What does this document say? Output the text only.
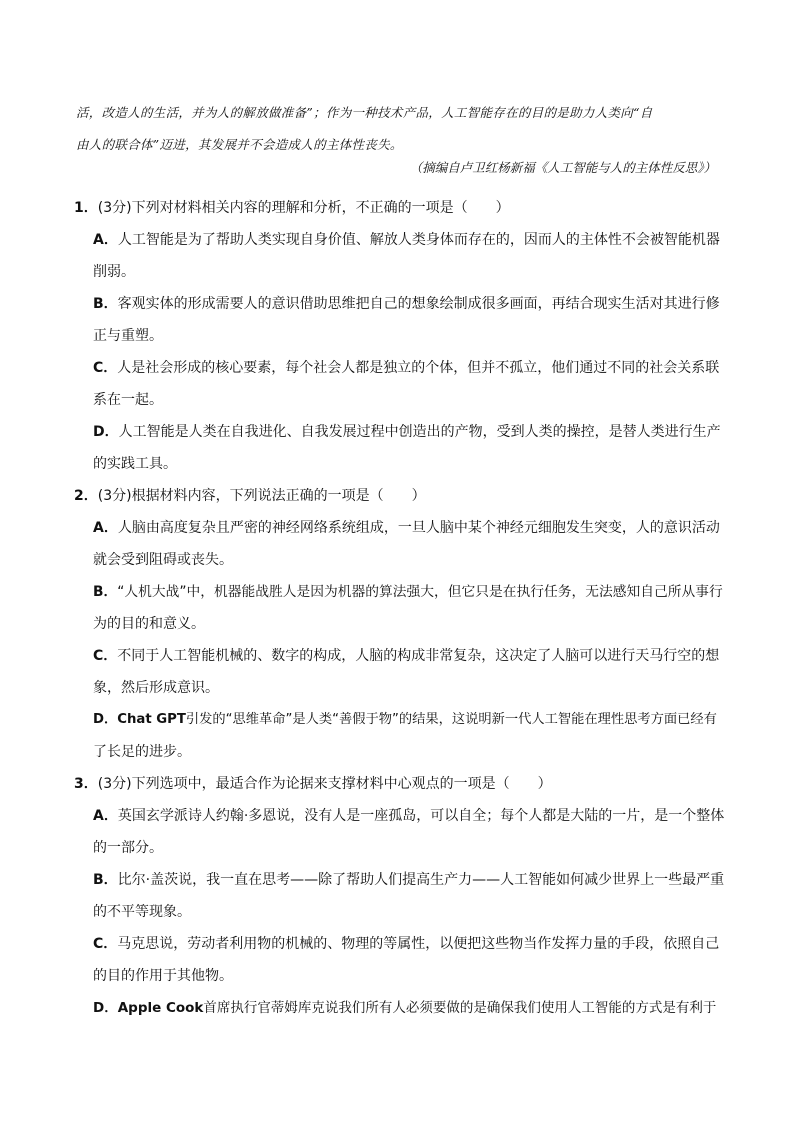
活，改造人的生活，并为人的解放做准备”；作为一种技术产品，人工智能存在的目的是助力人类向“自
由人的联合体”迈进，其发展并不会造成人的主体性丧失。
（摘编自卢卫红杨新福《人工智能与人的主体性反思》）
1．(3分)下列对材料相关内容的理解和分析，不正确的一项是（　　）
A．人工智能是为了帮助人类实现自身价值、解放人类身体而存在的，因而人的主体性不会被智能机器
削弱。
B．客观实体的形成需要人的意识借助思维把自己的想象绘制成很多画面，再结合现实生活对其进行修
正与重塑。
C．人是社会形成的核心要素，每个社会人都是独立的个体，但并不孤立，他们通过不同的社会关系联
系在一起。
D．人工智能是人类在自我进化、自我发展过程中创造出的产物，受到人类的操控，是替人类进行生产
的实践工具。
2．(3分)根据材料内容，下列说法正确的一项是（　　）
A．人脑由高度复杂且严密的神经网络系统组成，一旦人脑中某个神经元细胞发生突变，人的意识活动
就会受到阻碍或丧失。
B．“人机大战”中，机器能战胜人是因为机器的算法强大，但它只是在执行任务，无法感知自己所从事行
为的目的和意义。
C．不同于人工智能机械的、数字的构成，人脑的构成非常复杂，这决定了人脑可以进行天马行空的想
象，然后形成意识。
D．Chat GPT引发的“思维革命”是人类“善假于物”的结果，这说明新一代人工智能在理性思考方面已经有
了长足的进步。
3．(3分)下列选项中，最适合作为论据来支撑材料中心观点的一项是（　　）
A．英国玄学派诗人约翰·多恩说，没有人是一座孤岛，可以自全；每个人都是大陆的一片，是一个整体
的一部分。
B．比尔·盖茨说，我一直在思考——除了帮助人们提高生产力——人工智能如何减少世界上一些最严重
的不平等现象。
C．马克思说，劳动者利用物的机械的、物理的等属性，以便把这些物当作发挥力量的手段，依照自己
的目的作用于其他物。
D．Apple Cook首席执行官蒂姆库克说我们所有人必须要做的是确保我们使用人工智能的方式是有利于
